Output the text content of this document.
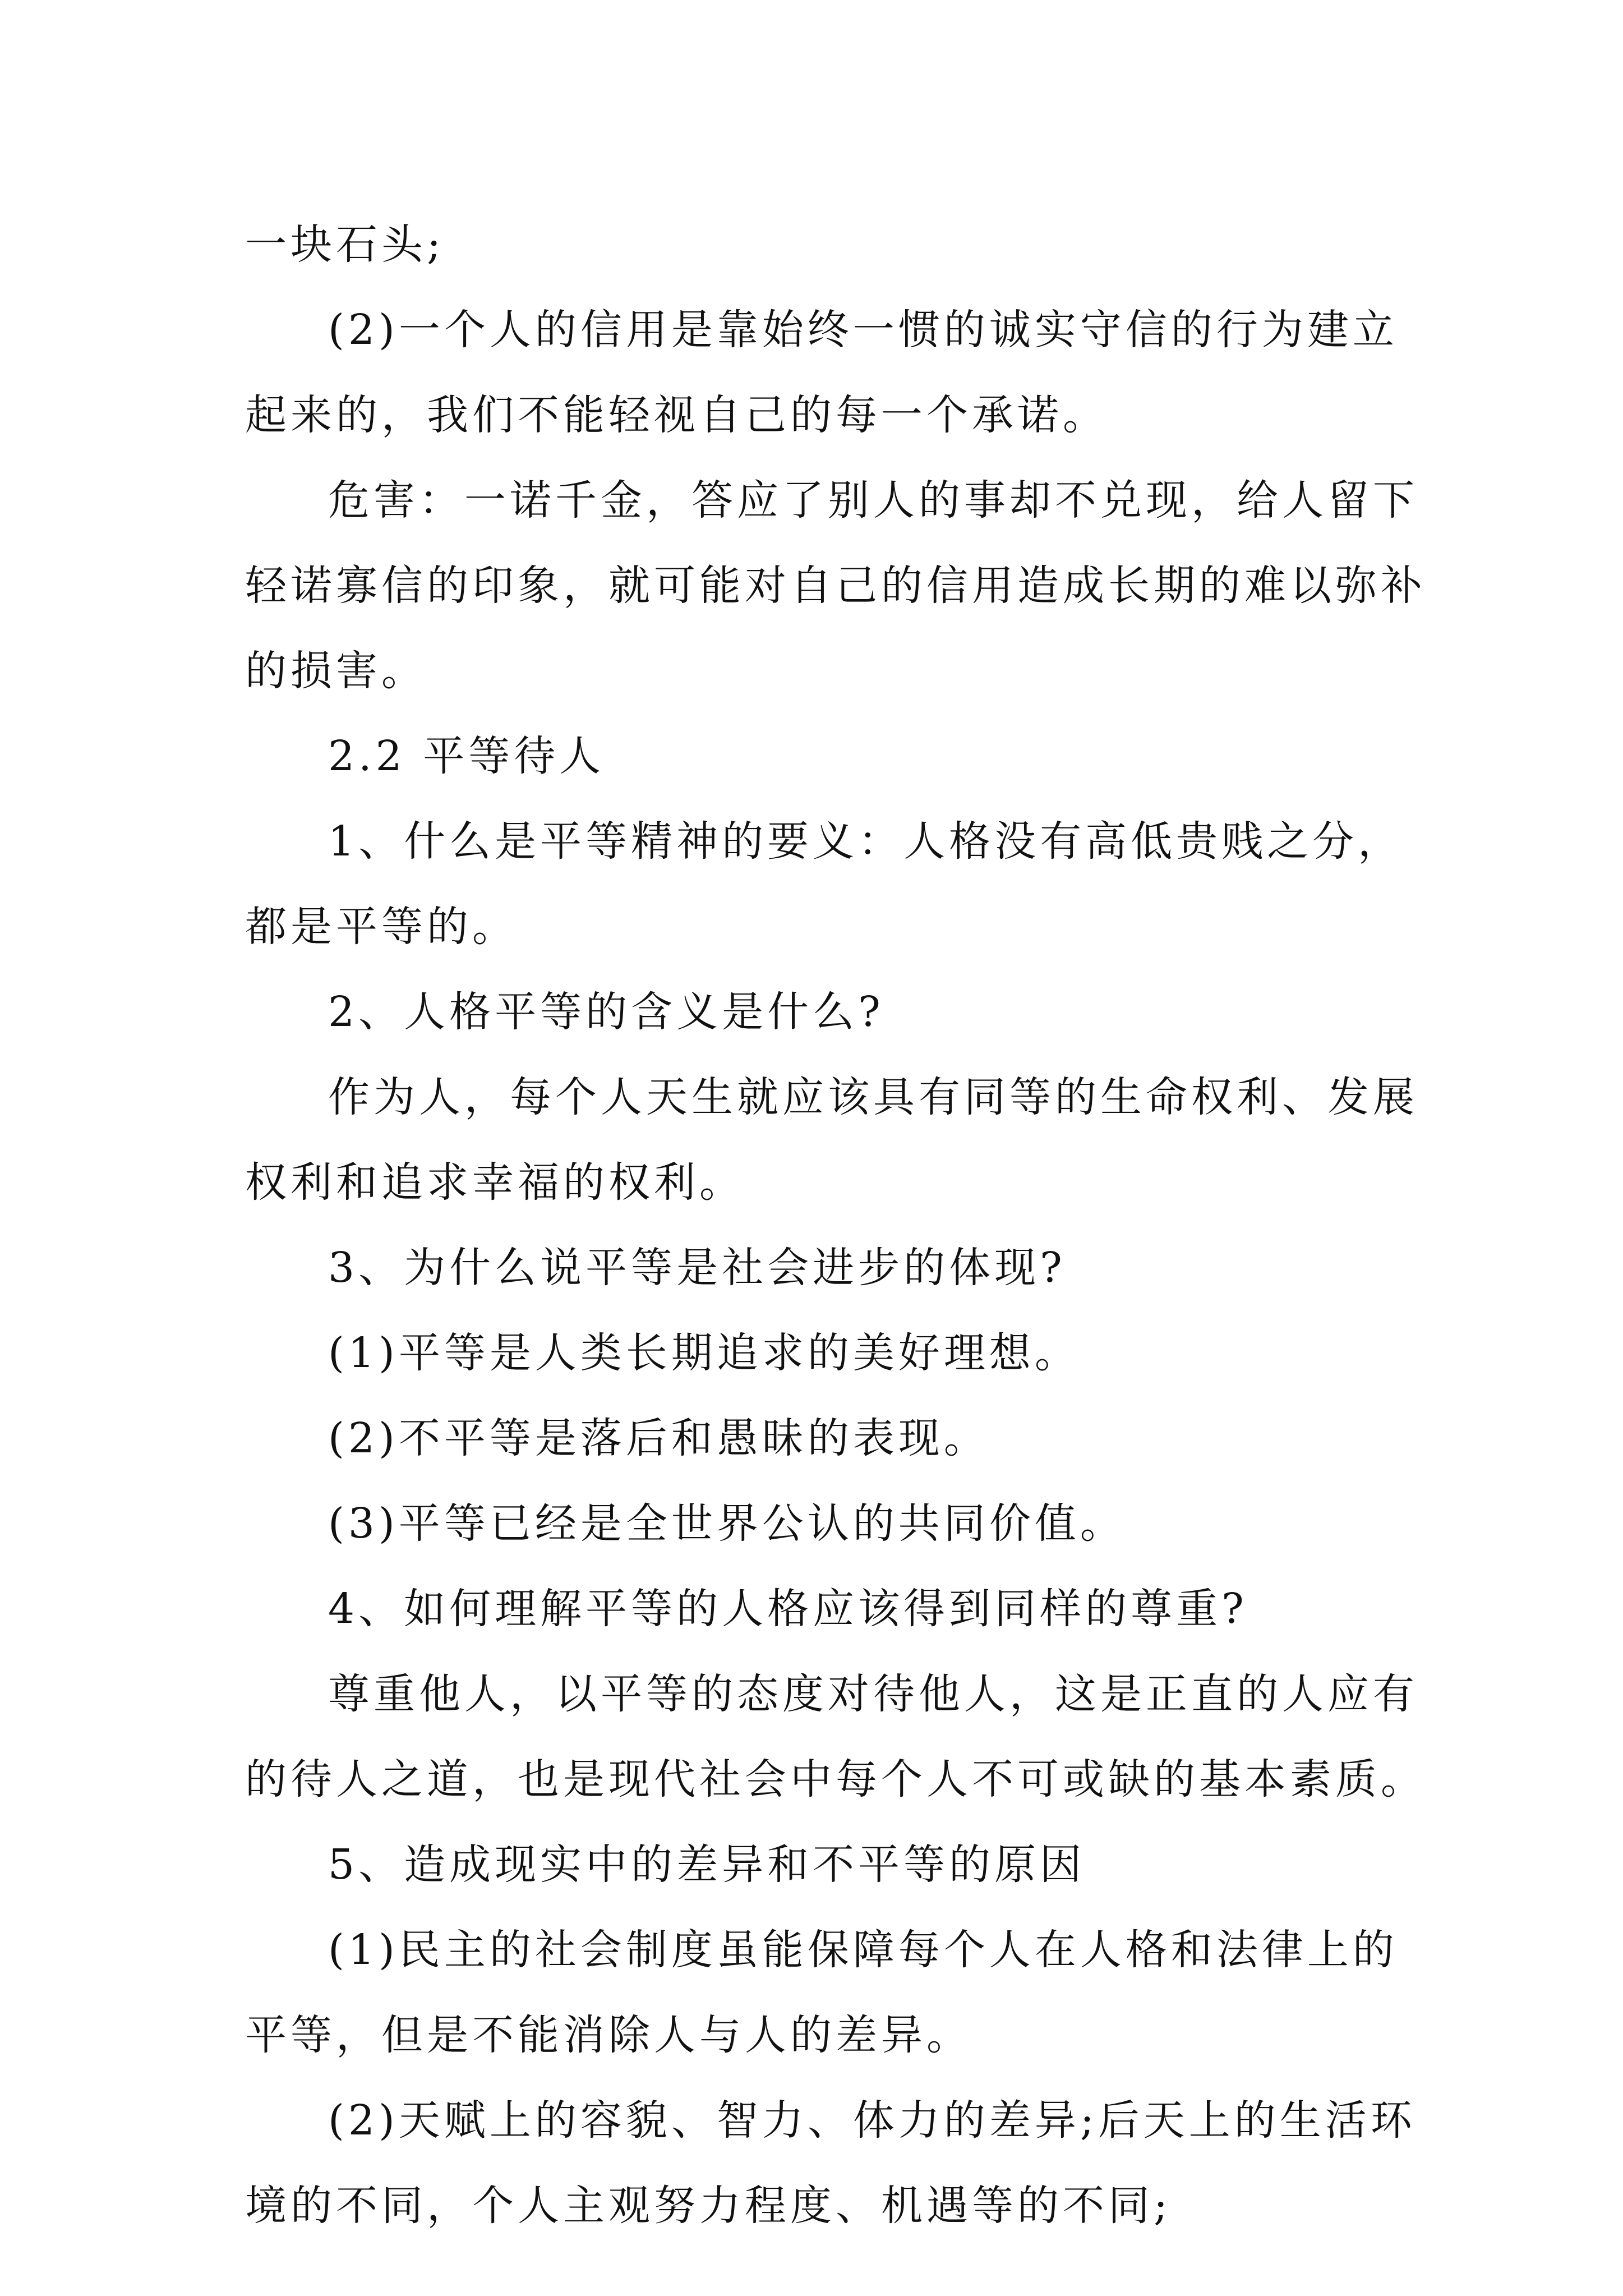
一块石头;

(2)一个人的信用是靠始终一惯的诚实守信的行为建立

起来的，我们不能轻视自己的每一个承诺。

危害：一诺千金，答应了别人的事却不兑现，给人留下

轻诺寡信的印象，就可能对自己的信用造成长期的难以弥补

的损害。

2.2 平等待人

1、什么是平等精神的要义：人格没有高低贵贱之分，

都是平等的。

2、人格平等的含义是什么?

作为人，每个人天生就应该具有同等的生命权利、发展

权利和追求幸福的权利。

3、为什么说平等是社会进步的体现?

(1)平等是人类长期追求的美好理想。

(2)不平等是落后和愚昧的表现。

(3)平等已经是全世界公认的共同价值。

4、如何理解平等的人格应该得到同样的尊重?

尊重他人，以平等的态度对待他人，这是正直的人应有

的待人之道，也是现代社会中每个人不可或缺的基本素质。

5、造成现实中的差异和不平等的原因

(1)民主的社会制度虽能保障每个人在人格和法律上的

平等，但是不能消除人与人的差异。

(2)天赋上的容貌、智力、体力的差异;后天上的生活环

境的不同，个人主观努力程度、机遇等的不同;
